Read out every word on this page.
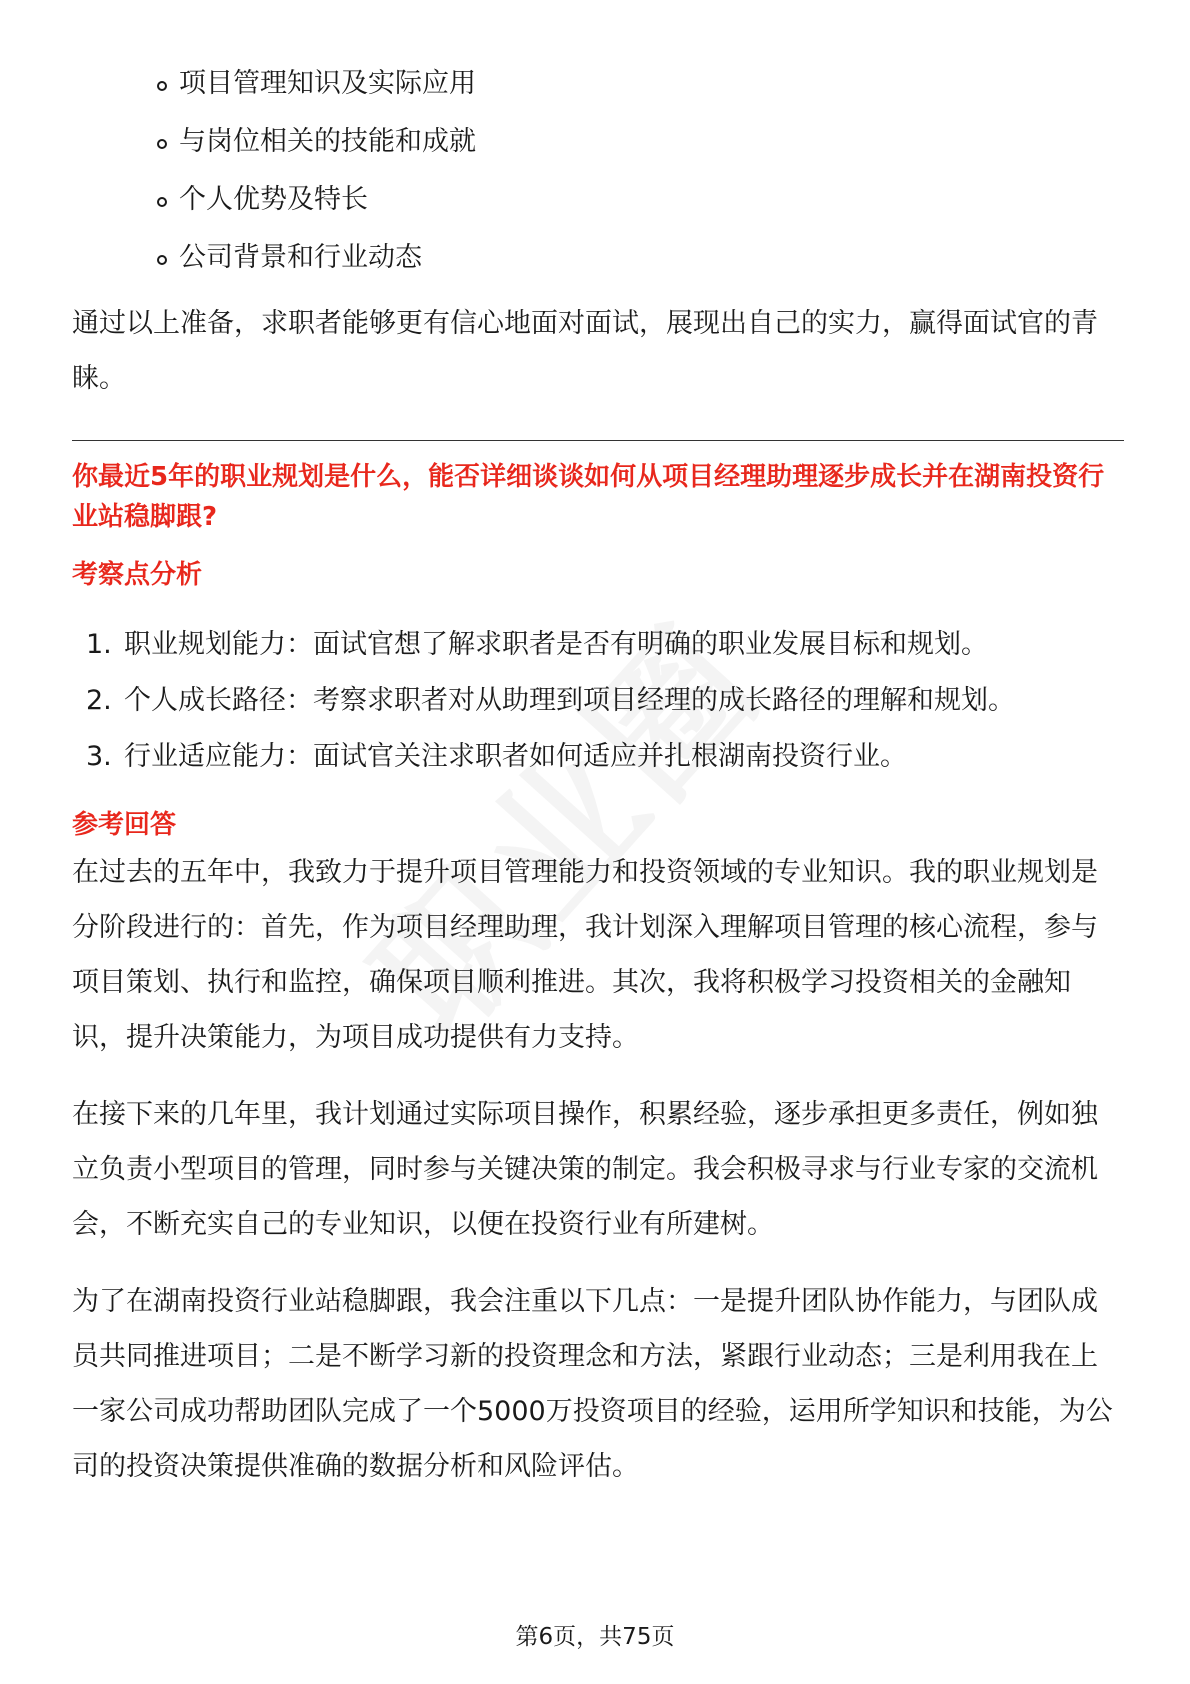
项目管理知识及实际应用
与岗位相关的技能和成就
个人优势及特长
公司背景和行业动态

通过以上准备，求职者能够更有信心地面对面试，展现出自己的实力，赢得面试官的青睐。

你最近5年的职业规划是什么，能否详细谈谈如何从项目经理助理逐步成长并在湖南投资行业站稳脚跟?
考察点分析
1. 职业规划能力：面试官想了解求职者是否有明确的职业发展目标和规划。
2. 个人成长路径：考察求职者对从助理到项目经理的成长路径的理解和规划。
3. 行业适应能力：面试官关注求职者如何适应并扎根湖南投资行业。
参考回答

在过去的五年中，我致力于提升项目管理能力和投资领域的专业知识。我的职业规划是分阶段进行的：首先，作为项目经理助理，我计划深入理解项目管理的核心流程，参与项目策划、执行和监控，确保项目顺利推进。其次，我将积极学习投资相关的金融知识，提升决策能力，为项目成功提供有力支持。

在接下来的几年里，我计划通过实际项目操作，积累经验，逐步承担更多责任，例如独立负责小型项目的管理，同时参与关键决策的制定。我会积极寻求与行业专家的交流机会，不断充实自己的专业知识，以便在投资行业有所建树。

为了在湖南投资行业站稳脚跟，我会注重以下几点：一是提升团队协作能力，与团队成员共同推进项目；二是不断学习新的投资理念和方法，紧跟行业动态；三是利用我在上一家公司成功帮助团队完成了一个5000万投资项目的经验，运用所学知识和技能，为公司的投资决策提供准确的数据分析和风险评估。

第6页，共75页
